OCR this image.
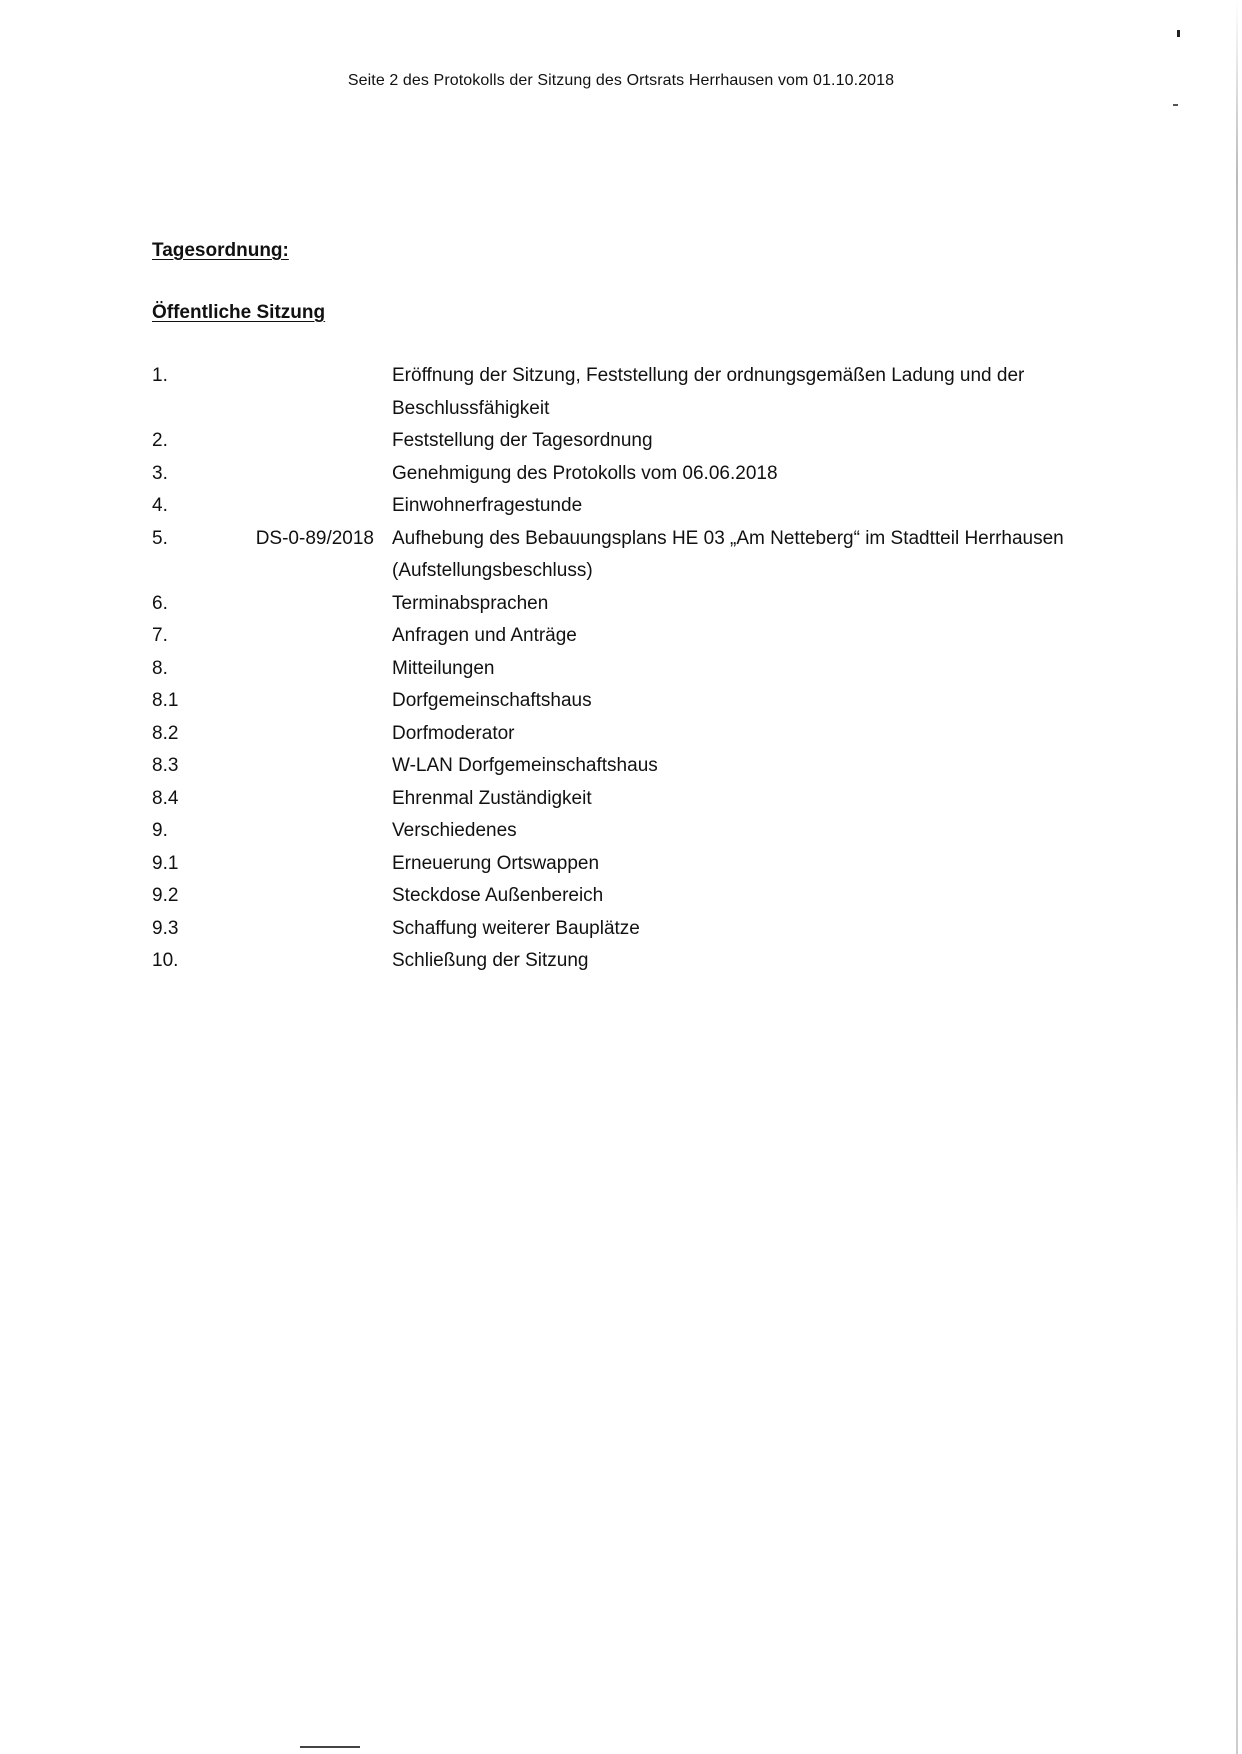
Seite 2 des Protokolls der Sitzung des Ortsrats Herrhausen vom 01.10.2018
Tagesordnung:
Öffentliche Sitzung
1.	Eröffnung der Sitzung, Feststellung der ordnungsgemäßen Ladung und der Beschlussfähigkeit
2.	Feststellung der Tagesordnung
3.	Genehmigung des Protokolls vom 06.06.2018
4.	Einwohnerfragestunde
5.	DS-0-89/2018 Aufhebung des Bebauungsplans HE 03 „Am Netteberg“ im Stadtteil Herrhausen (Aufstellungsbeschluss)
6.	Terminabsprachen
7.	Anfragen und Anträge
8.	Mitteilungen
8.1	Dorfgemeinschaftshaus
8.2	Dorfmoderator
8.3	W-LAN Dorfgemeinschaftshaus
8.4	Ehrenmal Zuständigkeit
9.	Verschiedenes
9.1	Erneuerung Ortswappen
9.2	Steckdose Außenbereich
9.3	Schaffung weiterer Bauplätze
10.	Schließung der Sitzung
